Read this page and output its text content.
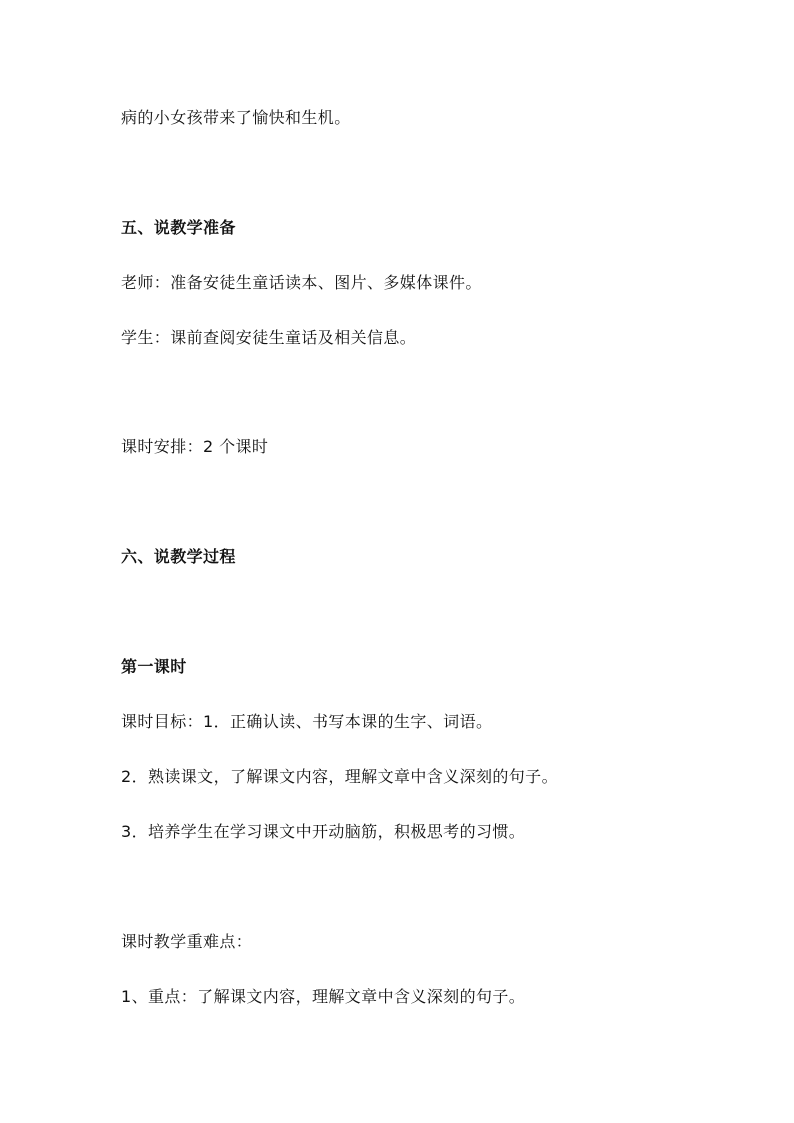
病的小女孩带来了愉快和生机。
五、说教学准备
老师：准备安徒生童话读本、图片、多媒体课件。
学生：课前查阅安徒生童话及相关信息。
课时安排：2 个课时
六、说教学过程
第一课时
课时目标：1．正确认读、书写本课的生字、词语。
2．熟读课文，了解课文内容，理解文章中含义深刻的句子。
3．培养学生在学习课文中开动脑筋，积极思考的习惯。
课时教学重难点：
1、重点：了解课文内容，理解文章中含义深刻的句子。
